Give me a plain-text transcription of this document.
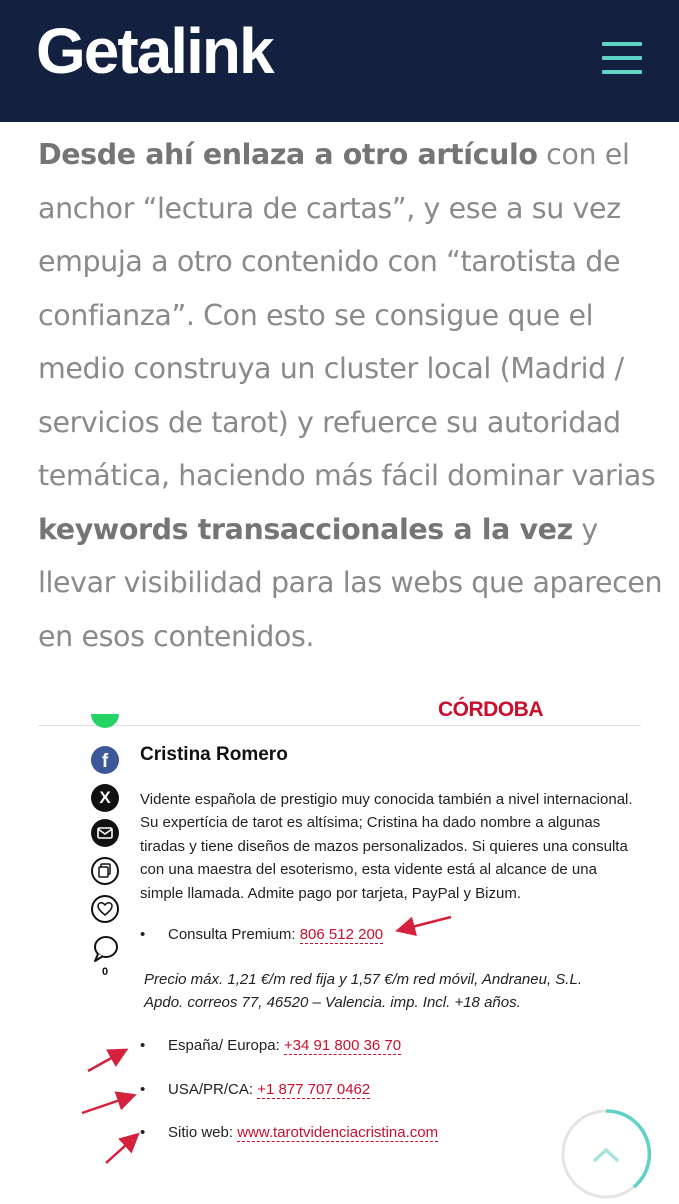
Getalink
Desde ahí enlaza a otro artículo con el anchor “lectura de cartas”, y ese a su vez empuja a otro contenido con “tarotista de confianza”. Con esto se consigue que el medio construya un cluster local (Madrid / servicios de tarot) y refuerce su autoridad temática, haciendo más fácil dominar varias keywords transaccionales a la vez y llevar visibilidad para las webs que aparecen en esos contenidos.
CÓRDOBA
f
X
0
Cristina Romero
Vidente española de prestigio muy conocida también a nivel internacional. Su expertícia de tarot es altísima; Cristina ha dado nombre a algunas tiradas y tiene diseños de mazos personalizados. Si quieres una consulta con una maestra del esoterismo, esta vidente está al alcance de una simple llamada. Admite pago por tarjeta, PayPal y Bizum.
• Consulta Premium: 806 512 200
Precio máx. 1,21 €/m red fija y 1,57 €/m red móvil, Andraneu, S.L. Apdo. correos 77, 46520 – Valencia. imp. Incl. +18 años.
• España/ Europa: +34 91 800 36 70
• USA/PR/CA: +1 877 707 0462
• Sitio web: www.tarotvidenciacristina.com
